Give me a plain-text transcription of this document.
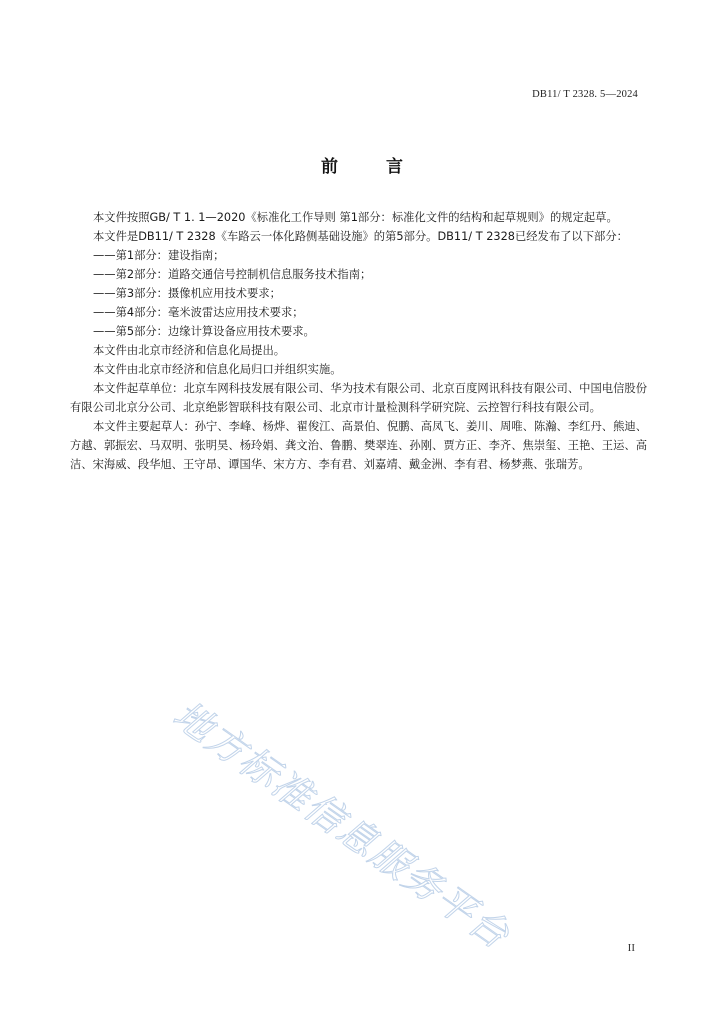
DB11/ T 2328. 5—2024
前	言

本文件按照GB/ T 1. 1—2020《标准化工作导则 第1部分：标准化文件的结构和起草规则》的规定起草。

本文件是DB11/ T 2328《车路云一体化路侧基础设施》的第5部分。DB11/ T 2328已经发布了以下部分：

——第1部分：建设指南；

——第2部分：道路交通信号控制机信息服务技术指南；

——第3部分：摄像机应用技术要求；

——第4部分：毫米波雷达应用技术要求；

——第5部分：边缘计算设备应用技术要求。

本文件由北京市经济和信息化局提出。

本文件由北京市经济和信息化局归口并组织实施。

本文件起草单位：北京车网科技发展有限公司、华为技术有限公司、北京百度网讯科技有限公司、中国电信股份有限公司北京分公司、北京绝影智联科技有限公司、北京市计量检测科学研究院、云控智行科技有限公司。

本文件主要起草人：孙宁、李峰、杨烨、翟俊江、高景伯、倪鹏、高凤飞、姜川、周唯、陈瀚、李红丹、熊迪、方越、郭振宏、马双明、张明昊、杨玲娟、龚文治、鲁鹏、樊翠连、孙刚、贾方正、李齐、焦崇玺、王艳、王运、高洁、宋海威、段华旭、王守昂、谭国华、宋方方、李有君、刘嘉靖、戴金洲、李有君、杨梦燕、张瑞芳。

地方标准信息服务平台	II
